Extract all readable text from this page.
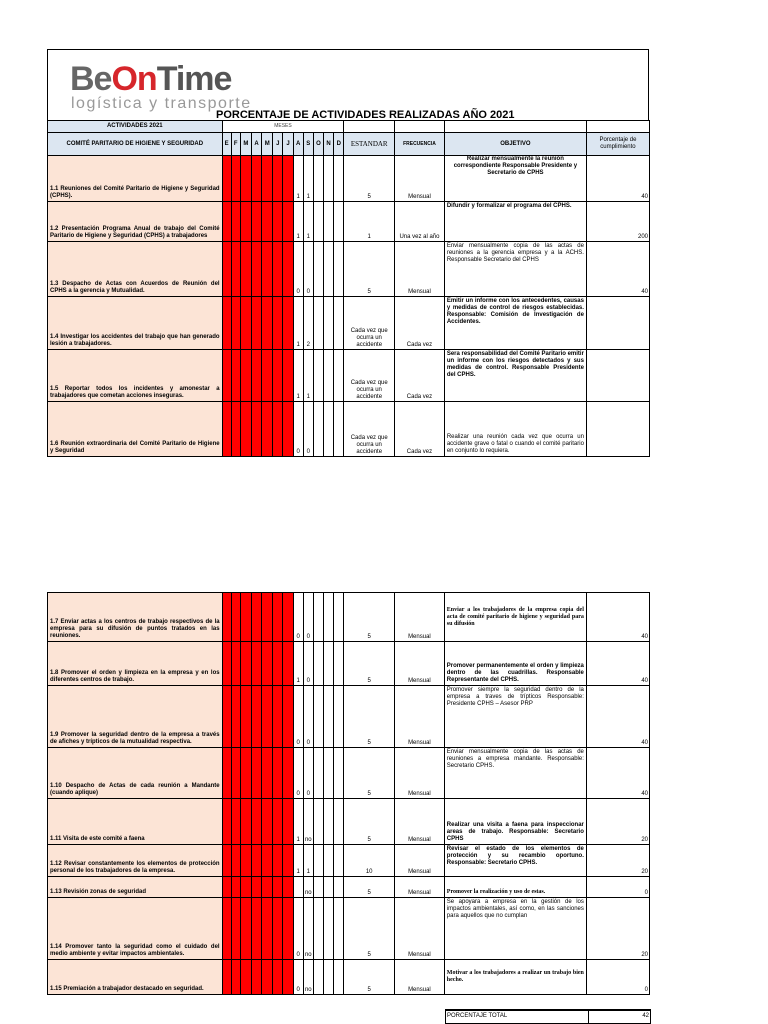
BeOnTime
logística y transporte
PORCENTAJE DE ACTIVIDADES REALIZADAS AÑO 2021
ACTIVIDADES 2021	MESES															
COMITÉ PARITARIO DE HIGIENE Y SEGURIDAD	E	F	M	A	M	J	J	A	S	O	N	D	ESTANDAR	FRECUENCIA	OBJETIVO	Porcentaje de cumplimiento
1.1 Reuniones del Comité Paritario de Higiene y Seguridad (CPHS).								1	1				5	Mensual	Realizar mensualmente la reunión correspondiente Responsable Presidente y Secretario de CPHS	40
1.2 Presentación Programa Anual de trabajo del Comité Paritario de Higiene y Seguridad (CPHS) a trabajadores								1	1				1	Una vez al año	Difundir y formalizar el programa del CPHS.	200
1.3 Despacho de Actas con Acuerdos de Reunión del CPHS a la gerencia y Mutualidad.								0	0				5	Mensual	Enviar mensualmente copia de las actas de reuniones a la gerencia empresa y a la ACHS. Responsable Secretario del CPHS	40
1.4 Investigar los accidentes del trabajo que han generado lesión a trabajadores.								1	2				Cada vez que ocurra un accidente	Cada vez	Emitir un informe con los antecedentes, causas y medidas de control de riesgos establecidas. Responsable: Comisión de Investigación de Accidentes.	
1.5 Reportar todos los incidentes y amonestar a trabajadores que cometan acciones inseguras.								1	1				Cada vez que ocurra un accidente	Cada vez	Sera responsabilidad del Comité Paritario emitir un informe con los riesgos detectados y sus medidas de control. Responsable Presidente del CPHS.	
1.6 Reunión extraordinaria del Comité Paritario de Higiene y Seguridad								0	0				Cada vez que ocurra un accidente	Cada vez	Realizar una reunión cada vez que ocurra un accidente grave o fatal o cuando el comité paritario en conjunto lo requiera.	
1.7 Enviar actas a los centros de trabajo respectivos de la empresa para su difusión de puntos tratados en las reuniones.								0	0				5	Mensual	Enviar a los trabajadores de la empresa copia del acta de comité paritario de higiene y seguridad para su difusión	40
1.8 Promover el orden y limpieza en la empresa y en los diferentes centros de trabajo.								1	0				5	Mensual	Promover permanentemente el orden y limpieza dentro de las cuadrillas. Responsable Representante del CPHS.	40
1.9 Promover la seguridad dentro de la empresa a través de afiches y trípticos de la mutualidad respectiva.								0	0				5	Mensual	Promover siempre la seguridad dentro de la empresa a traves de trípticos Responsable: Presidente CPHS – Asesor PRP	40
1.10 Despacho de Actas de cada reunión a Mandante (cuando aplique)								0	0				5	Mensual	Enviar mensualmente copia de las actas de reuniones a empresa mandante. Responsable: Secretario CPHS.	40
1.11 Visita de este comité a faena								1	no				5	Mensual	Realizar una visita a faena para inspeccionar areas de trabajo. Responsable: Secretario CPHS	20
1.12 Revisar constantemente los elementos de protección personal de los trabajadores de la empresa.								1	1				10	Mensual	Revisar el estado de los elementos de protección y su recambio oportuno. Responsable: Secretario CPHS.	20
1.13 Revisión zonas de seguridad									no				5	Mensual	Promover la realización y uso de estas.	0
1.14 Promover tanto la seguridad como el cuidado del medio ambiente y evitar impactos ambientales.								0	no				5	Mensual	Se apoyara a empresa en la gestión de los impactos ambientales, así como, en las sanciones para aquellos que no cumplan	20
1.15 Premiación a trabajador destacado en seguridad.								0	no				5	Mensual	Motivar a los trabajadores a realizar un trabajo bien hecho.	0
PORCENTAJE TOTAL	42
